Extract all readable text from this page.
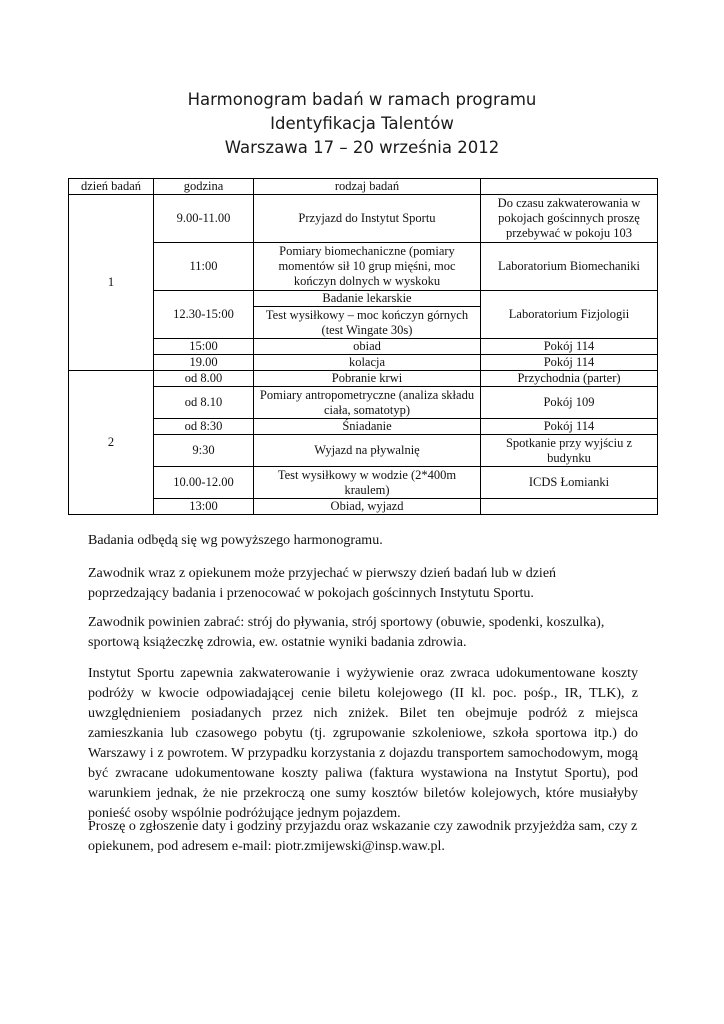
Harmonogram badań w ramach programu
Identyfikacja Talentów
Warszawa 17 – 20 września 2012
dzień badań	godzina	rodzaj badań	
1	9.00-11.00	Przyjazd do Instytut Sportu	Do czasu zakwaterowania w pokojach gościnnych proszę przebywać w pokoju 103
	11:00	Pomiary biomechaniczne (pomiary momentów sił 10 grup mięśni, moc kończyn dolnych w wyskoku	Laboratorium Biomechaniki
	12.30-15:00	Badanie lekarskie	Laboratorium Fizjologii
		Test wysiłkowy – moc kończyn górnych (test Wingate 30s)	
	15:00	obiad	Pokój 114
	19.00	kolacja	Pokój 114
2	od 8.00	Pobranie krwi	Przychodnia (parter)
	od 8.10	Pomiary antropometryczne (analiza składu ciała, somatotyp)	Pokój 109
	od 8:30	Śniadanie	Pokój 114
	9:30	Wyjazd na pływalnię	Spotkanie przy wyjściu z budynku
	10.00-12.00	Test wysiłkowy w wodzie (2*400m kraulem)	ICDS Łomianki
	13:00	Obiad, wyjazd	

Badania odbędą się wg powyższego harmonogramu.

Zawodnik wraz z opiekunem może przyjechać w pierwszy dzień badań lub w dzień poprzedzający badania i przenocować w pokojach gościnnych Instytutu Sportu.

Zawodnik powinien zabrać: strój do pływania, strój sportowy (obuwie, spodenki, koszulka), sportową książeczkę zdrowia, ew. ostatnie wyniki badania zdrowia.

Instytut Sportu zapewnia zakwaterowanie i wyżywienie oraz zwraca udokumentowane koszty podróży w kwocie odpowiadającej cenie biletu kolejowego (II kl. poc. pośp., IR, TLK), z uwzględnieniem posiadanych przez nich zniżek. Bilet ten obejmuje podróż z miejsca zamieszkania lub czasowego pobytu (tj. zgrupowanie szkoleniowe, szkoła sportowa itp.) do Warszawy i z powrotem. W przypadku korzystania z dojazdu transportem samochodowym, mogą być zwracane udokumentowane koszty paliwa (faktura wystawiona na Instytut Sportu), pod warunkiem jednak, że nie przekroczą one sumy kosztów biletów kolejowych, które musiałyby ponieść osoby wspólnie podróżujące jednym pojazdem.

Proszę o zgłoszenie daty i godziny przyjazdu oraz wskazanie czy zawodnik przyjeżdża sam, czy z opiekunem, pod adresem e-mail: piotr.zmijewski@insp.waw.pl.
